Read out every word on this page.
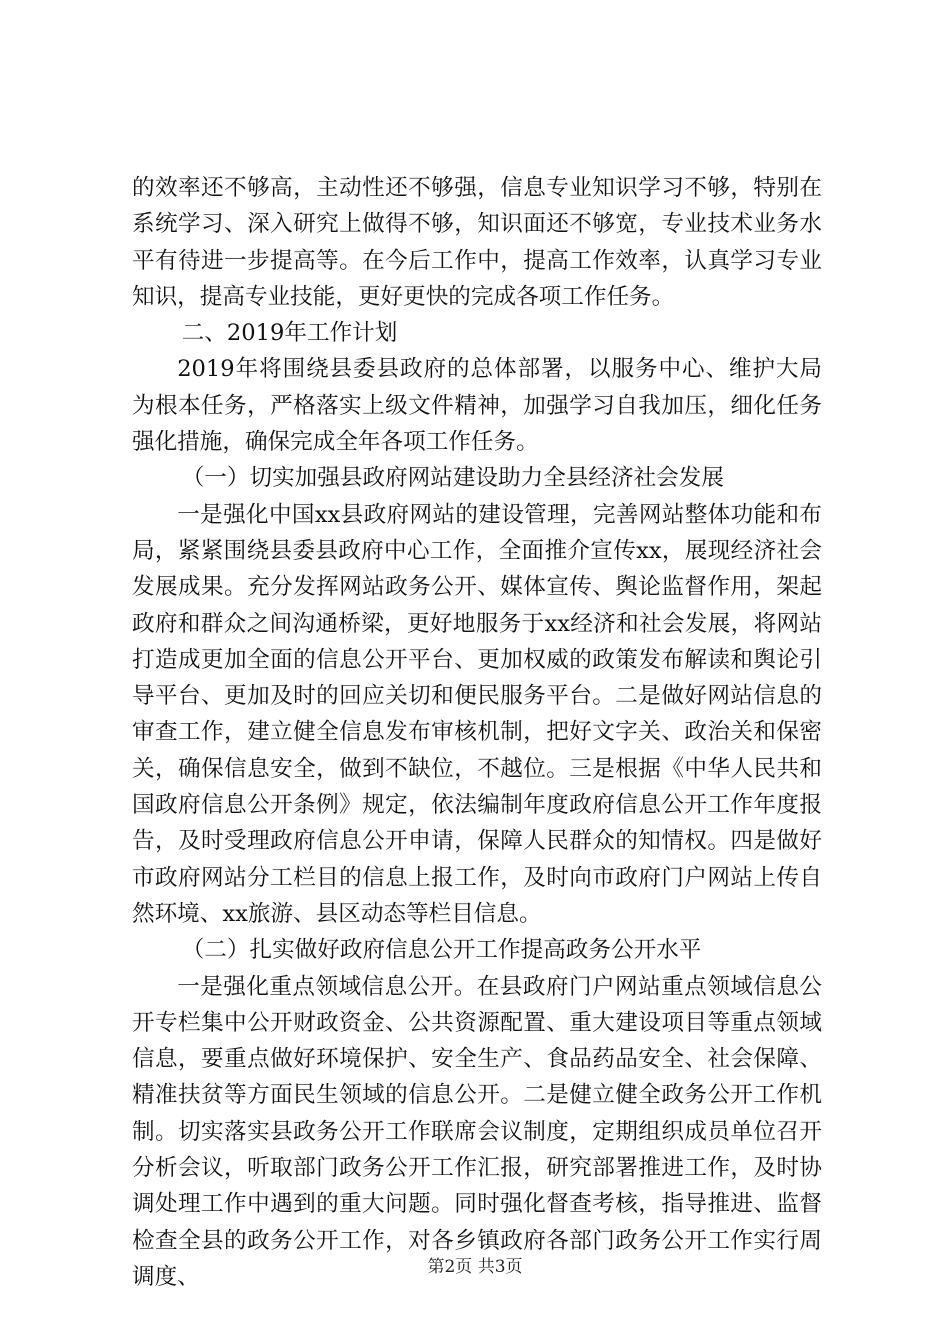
的效率还不够高，主动性还不够强，信息专业知识学习不够，特别在系统学习、深入研究上做得不够，知识面还不够宽，专业技术业务水平有待进一步提高等。在今后工作中，提高工作效率，认真学习专业知识，提高专业技能，更好更快的完成各项工作任务。

二、2019年工作计划

2019年将围绕县委县政府的总体部署，以服务中心、维护大局为根本任务，严格落实上级文件精神，加强学习自我加压，细化任务强化措施，确保完成全年各项工作任务。

（一）切实加强县政府网站建设助力全县经济社会发展

一是强化中国xx县政府网站的建设管理，完善网站整体功能和布局，紧紧围绕县委县政府中心工作，全面推介宣传xx，展现经济社会发展成果。充分发挥网站政务公开、媒体宣传、舆论监督作用，架起政府和群众之间沟通桥梁，更好地服务于xx经济和社会发展，将网站打造成更加全面的信息公开平台、更加权威的政策发布解读和舆论引导平台、更加及时的回应关切和便民服务平台。二是做好网站信息的审查工作，建立健全信息发布审核机制，把好文字关、政治关和保密关，确保信息安全，做到不缺位，不越位。三是根据《中华人民共和国政府信息公开条例》规定，依法编制年度政府信息公开工作年度报告，及时受理政府信息公开申请，保障人民群众的知情权。四是做好市政府网站分工栏目的信息上报工作，及时向市政府门户网站上传自然环境、xx旅游、县区动态等栏目信息。

（二）扎实做好政府信息公开工作提高政务公开水平

一是强化重点领域信息公开。在县政府门户网站重点领域信息公开专栏集中公开财政资金、公共资源配置、重大建设项目等重点领域信息，要重点做好环境保护、安全生产、食品药品安全、社会保障、精准扶贫等方面民生领域的信息公开。二是健立健全政务公开工作机制。切实落实县政务公开工作联席会议制度，定期组织成员单位召开分析会议，听取部门政务公开工作汇报，研究部署推进工作，及时协调处理工作中遇到的重大问题。同时强化督查考核，指导推进、监督检查全县的政务公开工作，对各乡镇政府各部门政务公开工作实行周调度、	第2页 共3页
